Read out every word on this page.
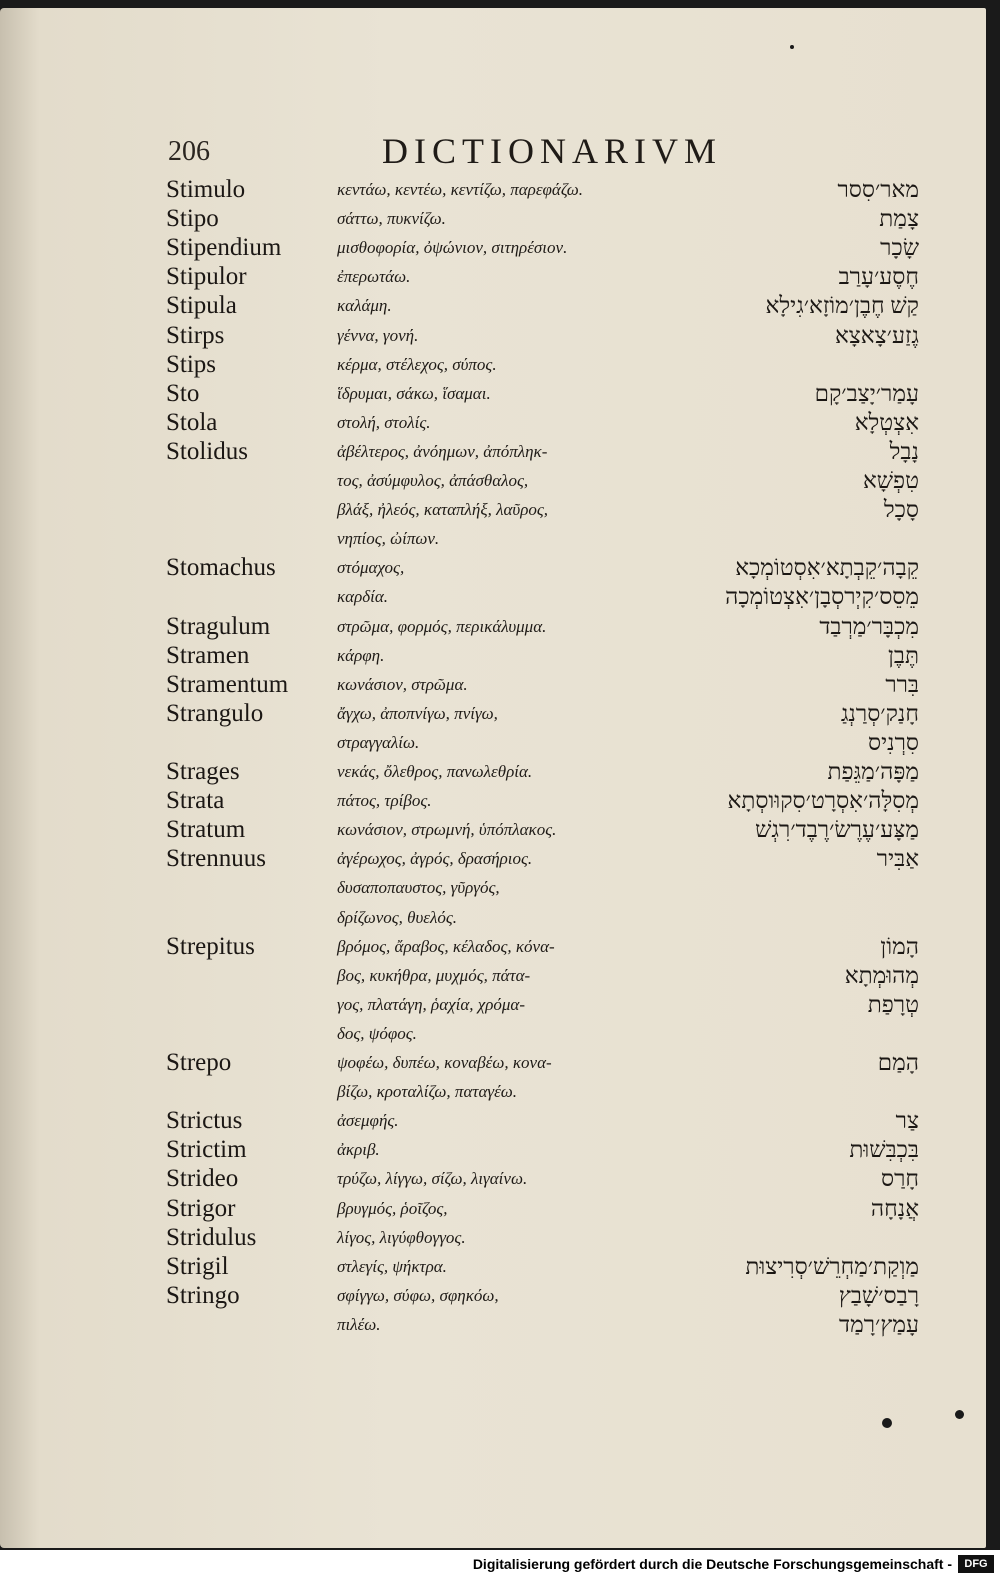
206	DICTIONARIVM
Stimulo	κεντάω, κεντέω, κεντίζω, παρεφάζω.	מאר׳סִסר
Stipo	σάττω, πυκνίζω.	צָמַת
Stipendium	μισθοφορία, ὀψώνιον, σιτηρέσιον.	שָׂכָר
Stipulor	ἐπερωτάω.	חֶסֶע׳עָרַב
Stipula	καλάμη.	קַשׁ חֶבֶן׳מוֹזָא׳גִילָא
Stirps	γέννα, γονή.	גֶזַע׳צָאצָא
Stips	κέρμα, στέλεχος, σύπος.
Sto	ἵδρυμαι, σάκω, ἵσαμαι.	עָמַר׳יָצַב׳קָם
Stola	στολή, στολίς.	אִצְטְלָא
Stolidus	ἀβέλτερος, ἀνόημων, ἀπόπληκ-	נָבָל
τος, ἀσύμφυλος, ἀπάσθαλος,	טִפְשָׁא
βλάξ, ἠλεός, καταπλήξ, λαῦρος,	סָכָל
νηπίος, ὠίπων.
Stomachus	στόμαχος,	קֵבָה׳קֵבְתָא׳אִסְטוֹמְכָא
καρδία.	מֵסֵס׳קִיְרסְבָן׳אִצְטוֹמְכָה
Stragulum	στρῶμα, φορμός, περικάλυμμα.	מִכְבָּר׳מַרְבַד
Stramen	κάρφη.	תֶּבֶן
Stramentum	κωνάσιον, στρῶμα.	בִּרר
Strangulo	ἄγχω, ἀποπνίγω, πνίγω,	חָנַק׳סְרַנְגַ
στραγγαλίω.	סִרְנִיס
Strages	νεκάς, ὄλεθρος, πανωλεθρία.	מַפָּה׳מַגֵּפַת
Strata	πάτος, τρίβος.	מְסִלָּה׳אִסְרָט׳סִקוּוסְתָא
Stratum	κωνάσιον, στρωμνή, ὑπόπλακος.	מַצָּע׳עֶרֶשׂ׳רֶבֶד׳רִגְשׁ
Strennuus	ἀγέρωχος, ἀγρός, δρασήριος.	אַבִּיר
δυσαποπαυστος, γῦργός,
δρίζωνος, θυελός.
Strepitus	βρόμος, ἄραβος, κέλαδος, κόνα-	הָמוֹן
βος, κυκήθρα, μυχμός, πάτα-	מְהוּמְתָא
γος, πλατάγη, ῥαχία, χρόμα-	טְרָפַת
δος, ψόφος.
Strepo	ψοφέω, δυπέω, κοναβέω, κονα-	הָמַם
βίζω, κροταλίζω, παταγέω.
Strictus	ἀσεμφής.	צַר
Strictim	ἀκριβ.	בִּכְבִּשׁוּת
Strideo	τρύζω, λίγγω, σίζω, λιγαίνω.	חָרַס
Strigor	βρυγμός, ῥοῖζος,	אֲנָחָה
Stridulus	λίγος, λιγύφθογγος.
Strigil	στλεγίς, ψήκτρα.	מַוְקַת׳מַחְרֵשׁ׳סְרִיצוּת
Stringo	σφίγγω, σύφω, σφηκόω,	רָבַס׳שָׁבַץ
πιλέω.	עָמַץ׳רָמַד
Digitalisierung gefördert durch die Deutsche Forschungsgemeinschaft -	DFG
